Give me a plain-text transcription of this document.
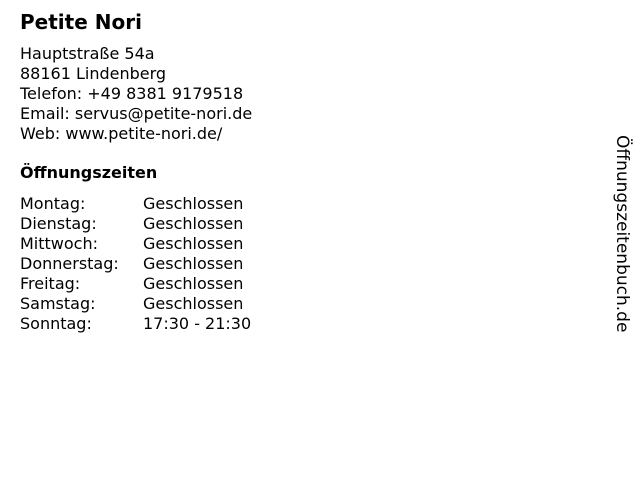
Petite Nori
Hauptstraße 54a
88161 Lindenberg
Telefon: +49 8381 9179518
Email: servus@petite-nori.de
Web: www.petite-nori.de/
Öffnungszeiten
Montag:	Geschlossen
Dienstag:	Geschlossen
Mittwoch:	Geschlossen
Donnerstag:	Geschlossen
Freitag:	Geschlossen
Samstag:	Geschlossen
Sonntag:	17:30 - 21:30	Öffnungszeitenbuch.de
